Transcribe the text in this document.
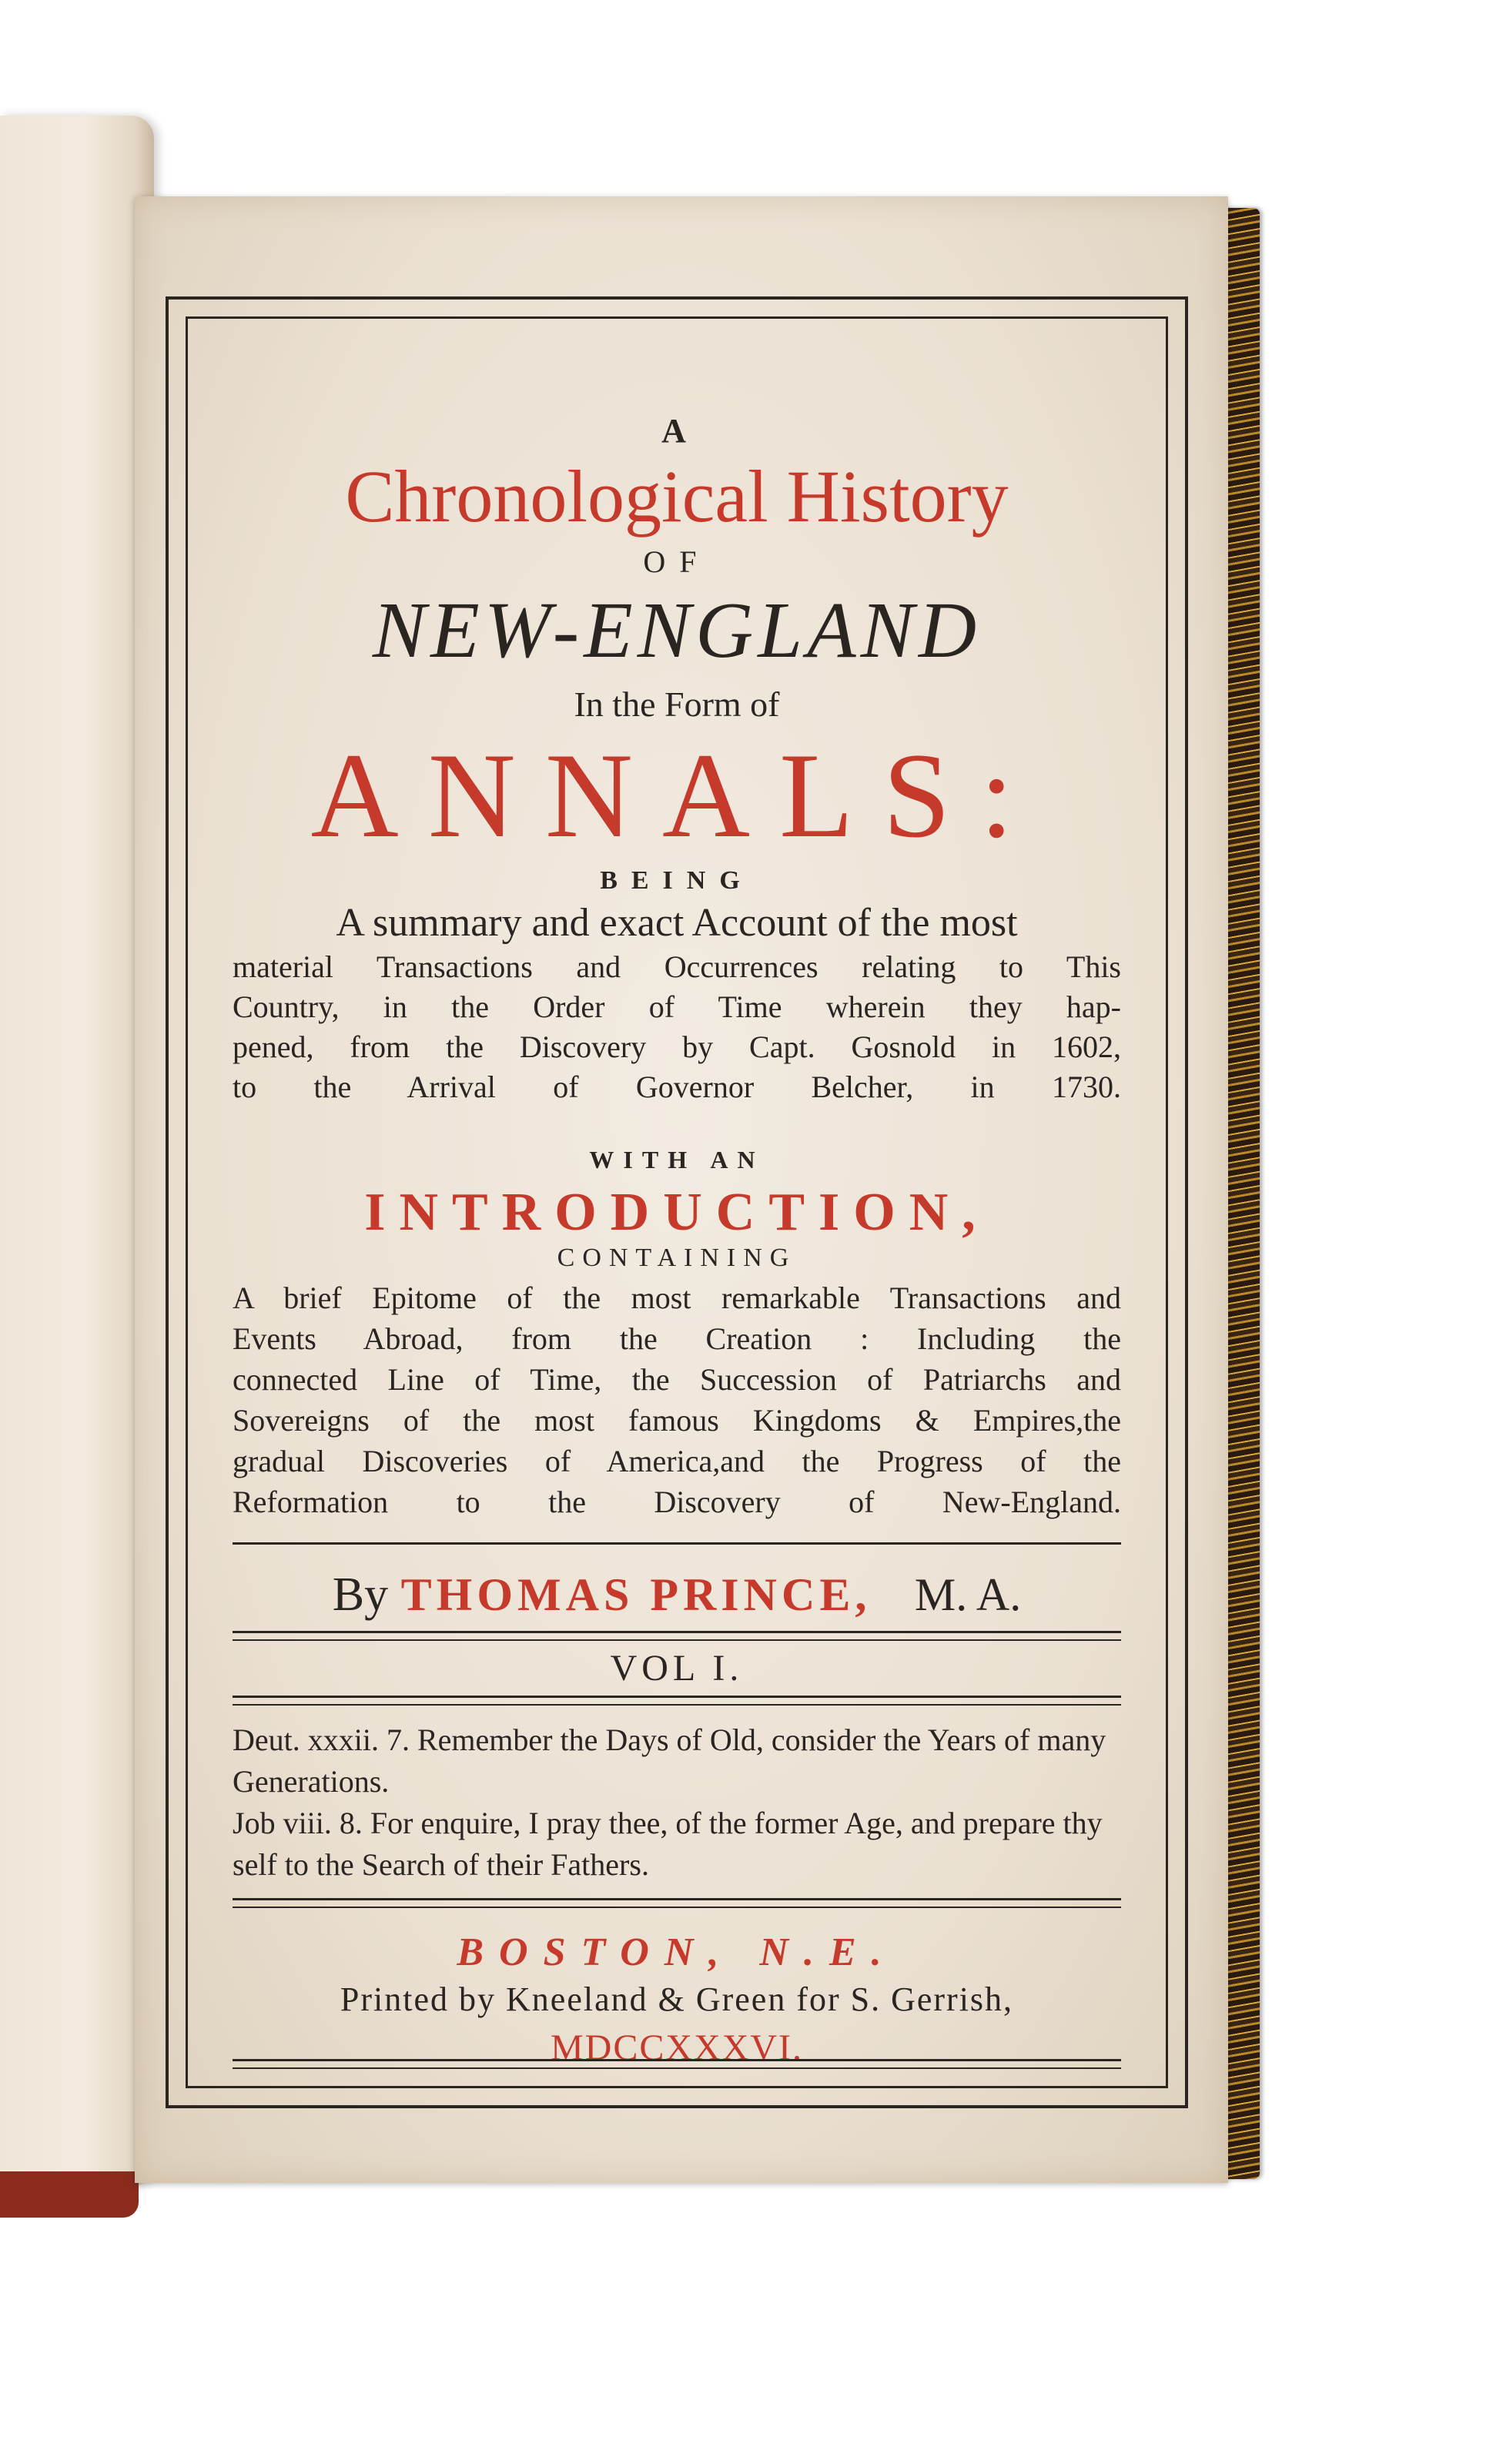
A
Chronological History
OF
NEW-ENGLAND
In the Form of
ANNALS:
BEING
A summary and exact Account of the most
material Transactions and Occurrences relating to This
Country, in the Order of Time wherein they hap-
pened, from the Discovery by Capt. Gosnold in 1602,
to the Arrival of Governor Belcher, in 1730.
WITH AN
INTRODUCTION,
CONTAINING
A brief Epitome of the most remarkable Transactions and
Events Abroad, from the Creation : Including the
connected Line of Time, the Succession of Patriarchs and
Sovereigns of the most famous Kingdoms & Empires,the
gradual Discoveries of America,and the Progress of the
Reformation to the Discovery of New-England.
By THOMAS PRINCE, M. A.
VOL I.
Deut. xxxii. 7. Remember the Days of Old, consider the Years of many Generations.
Job viii. 8. For enquire, I pray thee, of the former Age, and prepare thy self to the Search of their Fathers.
BOSTON, N.E.
Printed by Kneeland & Green for S. Gerrish,
MDCCXXXVI.
